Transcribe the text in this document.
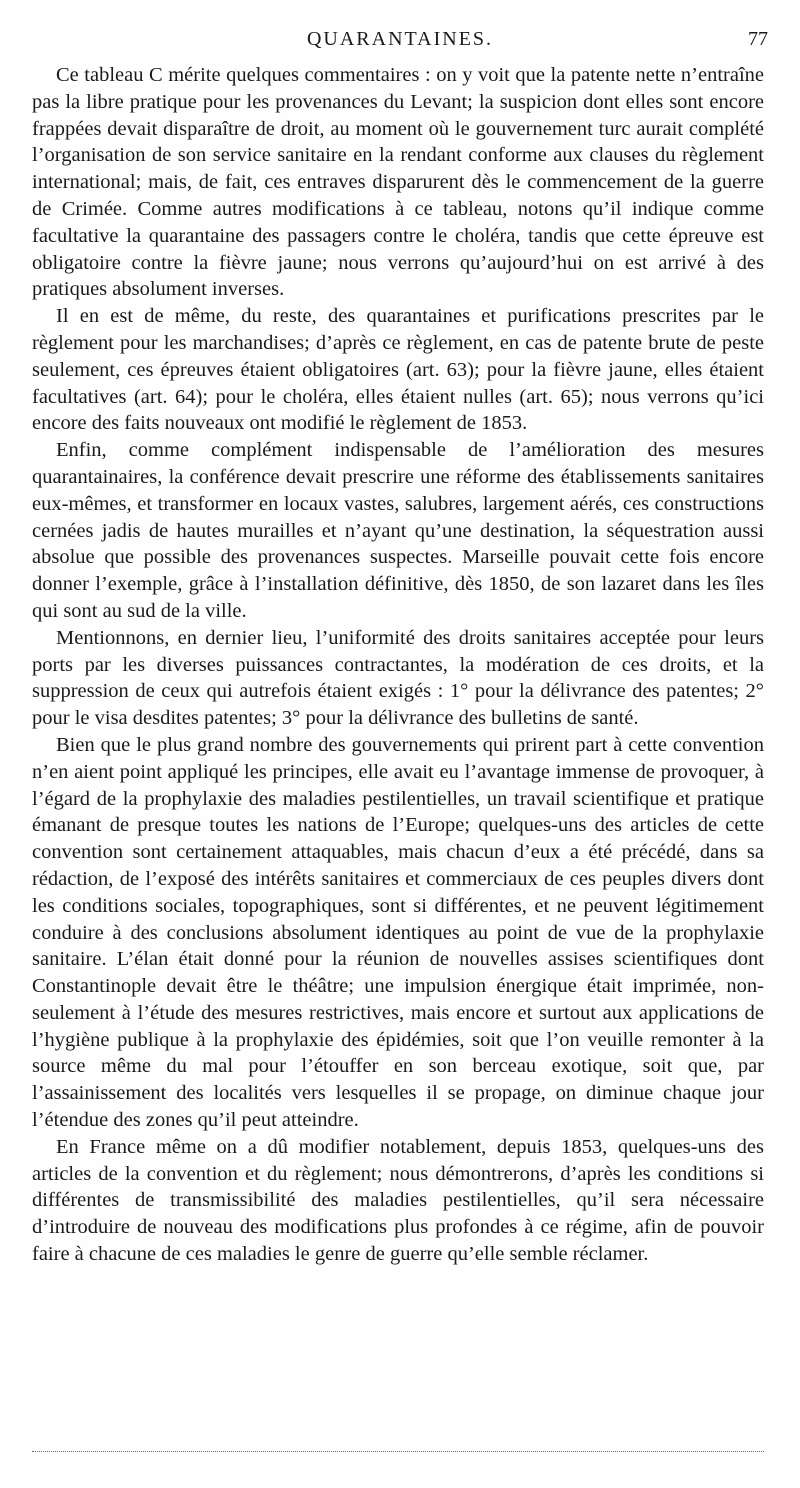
QUARANTAINES.	77

Ce tableau C mérite quelques commentaires : on y voit que la patente nette n’entraîne pas la libre pratique pour les provenances du Levant; la suspicion dont elles sont encore frappées devait disparaître de droit, au moment où le gouvernement turc aurait complété l’organisation de son service sanitaire en la rendant conforme aux clauses du règlement international; mais, de fait, ces entraves disparurent dès le commencement de la guerre de Crimée. Comme autres modifications à ce tableau, notons qu’il indique comme facultative la quarantaine des passagers contre le choléra, tandis que cette épreuve est obligatoire contre la fièvre jaune; nous verrons qu’aujourd’hui on est arrivé à des pratiques absolument inverses.

Il en est de même, du reste, des quarantaines et purifications prescrites par le règlement pour les marchandises; d’après ce règlement, en cas de patente brute de peste seulement, ces épreuves étaient obligatoires (art. 63); pour la fièvre jaune, elles étaient facultatives (art. 64); pour le choléra, elles étaient nulles (art. 65); nous verrons qu’ici encore des faits nouveaux ont modifié le règlement de 1853.

Enfin, comme complément indispensable de l’amélioration des mesures quarantainaires, la conférence devait prescrire une réforme des établissements sanitaires eux-mêmes, et transformer en locaux vastes, salubres, largement aérés, ces constructions cernées jadis de hautes murailles et n’ayant qu’une destination, la séquestration aussi absolue que possible des provenances suspectes. Marseille pouvait cette fois encore donner l’exemple, grâce à l’installation définitive, dès 1850, de son lazaret dans les îles qui sont au sud de la ville.

Mentionnons, en dernier lieu, l’uniformité des droits sanitaires acceptée pour leurs ports par les diverses puissances contractantes, la modération de ces droits, et la suppression de ceux qui autrefois étaient exigés : 1° pour la délivrance des patentes; 2° pour le visa desdites patentes; 3° pour la délivrance des bulletins de santé.

Bien que le plus grand nombre des gouvernements qui prirent part à cette convention n’en aient point appliqué les principes, elle avait eu l’avantage immense de provoquer, à l’égard de la prophylaxie des maladies pestilentielles, un travail scientifique et pratique émanant de presque toutes les nations de l’Europe; quelques-uns des articles de cette convention sont certainement attaquables, mais chacun d’eux a été précédé, dans sa rédaction, de l’exposé des intérêts sanitaires et commerciaux de ces peuples divers dont les conditions sociales, topographiques, sont si différentes, et ne peuvent légitimement conduire à des conclusions absolument identiques au point de vue de la prophylaxie sanitaire. L’élan était donné pour la réunion de nouvelles assises scientifiques dont Constantinople devait être le théâtre; une impulsion énergique était imprimée, non-seulement à l’étude des mesures restrictives, mais encore et surtout aux applications de l’hygiène publique à la prophylaxie des épidémies, soit que l’on veuille remonter à la source même du mal pour l’étouffer en son berceau exotique, soit que, par l’assainissement des localités vers lesquelles il se propage, on diminue chaque jour l’étendue des zones qu’il peut atteindre.

En France même on a dû modifier notablement, depuis 1853, quelques-uns des articles de la convention et du règlement; nous démontrerons, d’après les conditions si différentes de transmissibilité des maladies pestilentielles, qu’il sera nécessaire d’introduire de nouveau des modifications plus profondes à ce régime, afin de pouvoir faire à chacune de ces maladies le genre de guerre qu’elle semble réclamer.
